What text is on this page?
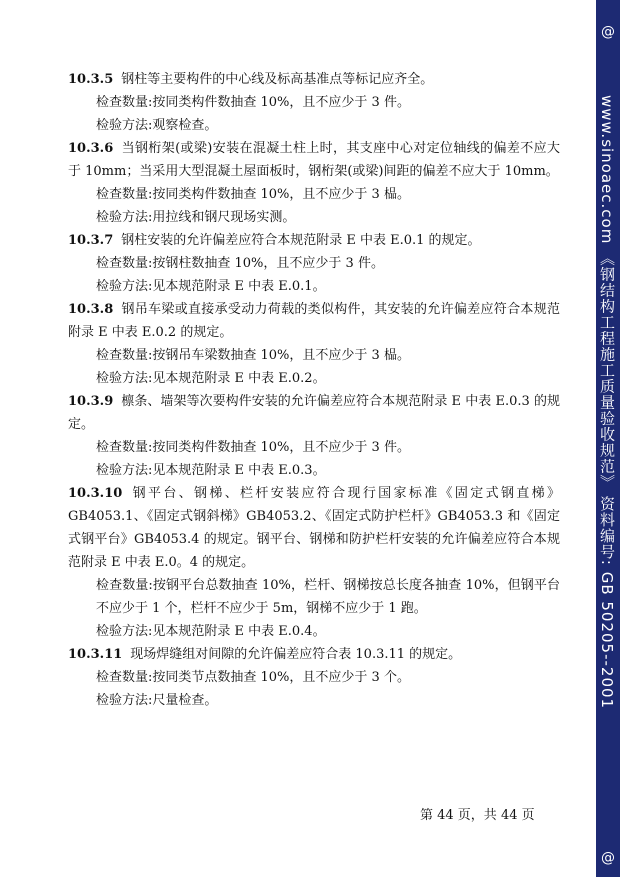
10.3.5 钢柱等主要构件的中心线及标高基准点等标记应齐全。

检查数量:按同类构件数抽查 10%，且不应少于 3 件。

检验方法:观察检查。

10.3.6 当钢桁架(或梁)安装在混凝土柱上时，其支座中心对定位轴线的偏差不应大于 10mm；当采用大型混凝土屋面板时，钢桁架(或梁)间距的偏差不应大于 10mm。

检查数量:按同类构件数抽查 10%，且不应少于 3 榀。

检验方法:用拉线和钢尺现场实测。

10.3.7 钢柱安装的允许偏差应符合本规范附录 E 中表 E.0.1 的规定。

检查数量:按钢柱数抽查 10%，且不应少于 3 件。

检验方法:见本规范附录 E 中表 E.0.1。

10.3.8 钢吊车梁或直接承受动力荷载的类似构件，其安装的允许偏差应符合本规范附录 E 中表 E.0.2 的规定。

检查数量:按钢吊车梁数抽查 10%，且不应少于 3 榀。

检验方法:见本规范附录 E 中表 E.0.2。

10.3.9 檩条、墙架等次要构件安装的允许偏差应符合本规范附录 E 中表 E.0.3 的规定。

检查数量:按同类构件数抽查 10%，且不应少于 3 件。

检验方法:见本规范附录 E 中表 E.0.3。

10.3.10 钢平台、钢梯、栏杆安装应符合现行国家标准《固定式钢直梯》GB4053.1、《固定式钢斜梯》GB4053.2、《固定式防护栏杆》GB4053.3 和《固定式钢平台》GB4053.4 的规定。钢平台、钢梯和防护栏杆安装的允许偏差应符合本规范附录 E 中表 E.0。4 的规定。

检查数量:按钢平台总数抽查 10%，栏杆、钢梯按总长度各抽查 10%，但钢平台不应少于 1 个，栏杆不应少于 5m，钢梯不应少于 1 跑。

检验方法:见本规范附录 E 中表 E.0.4。

10.3.11 现场焊缝组对间隙的允许偏差应符合表 10.3.11 的规定。

检查数量:按同类节点数抽查 10%，且不应少于 3 个。

检验方法:尺量检查。

第 44 页，共 44 页
@
www.sinoaec.com 《钢结构工程施工质量验收规范》 资料编号: GB 50205--2001
@
